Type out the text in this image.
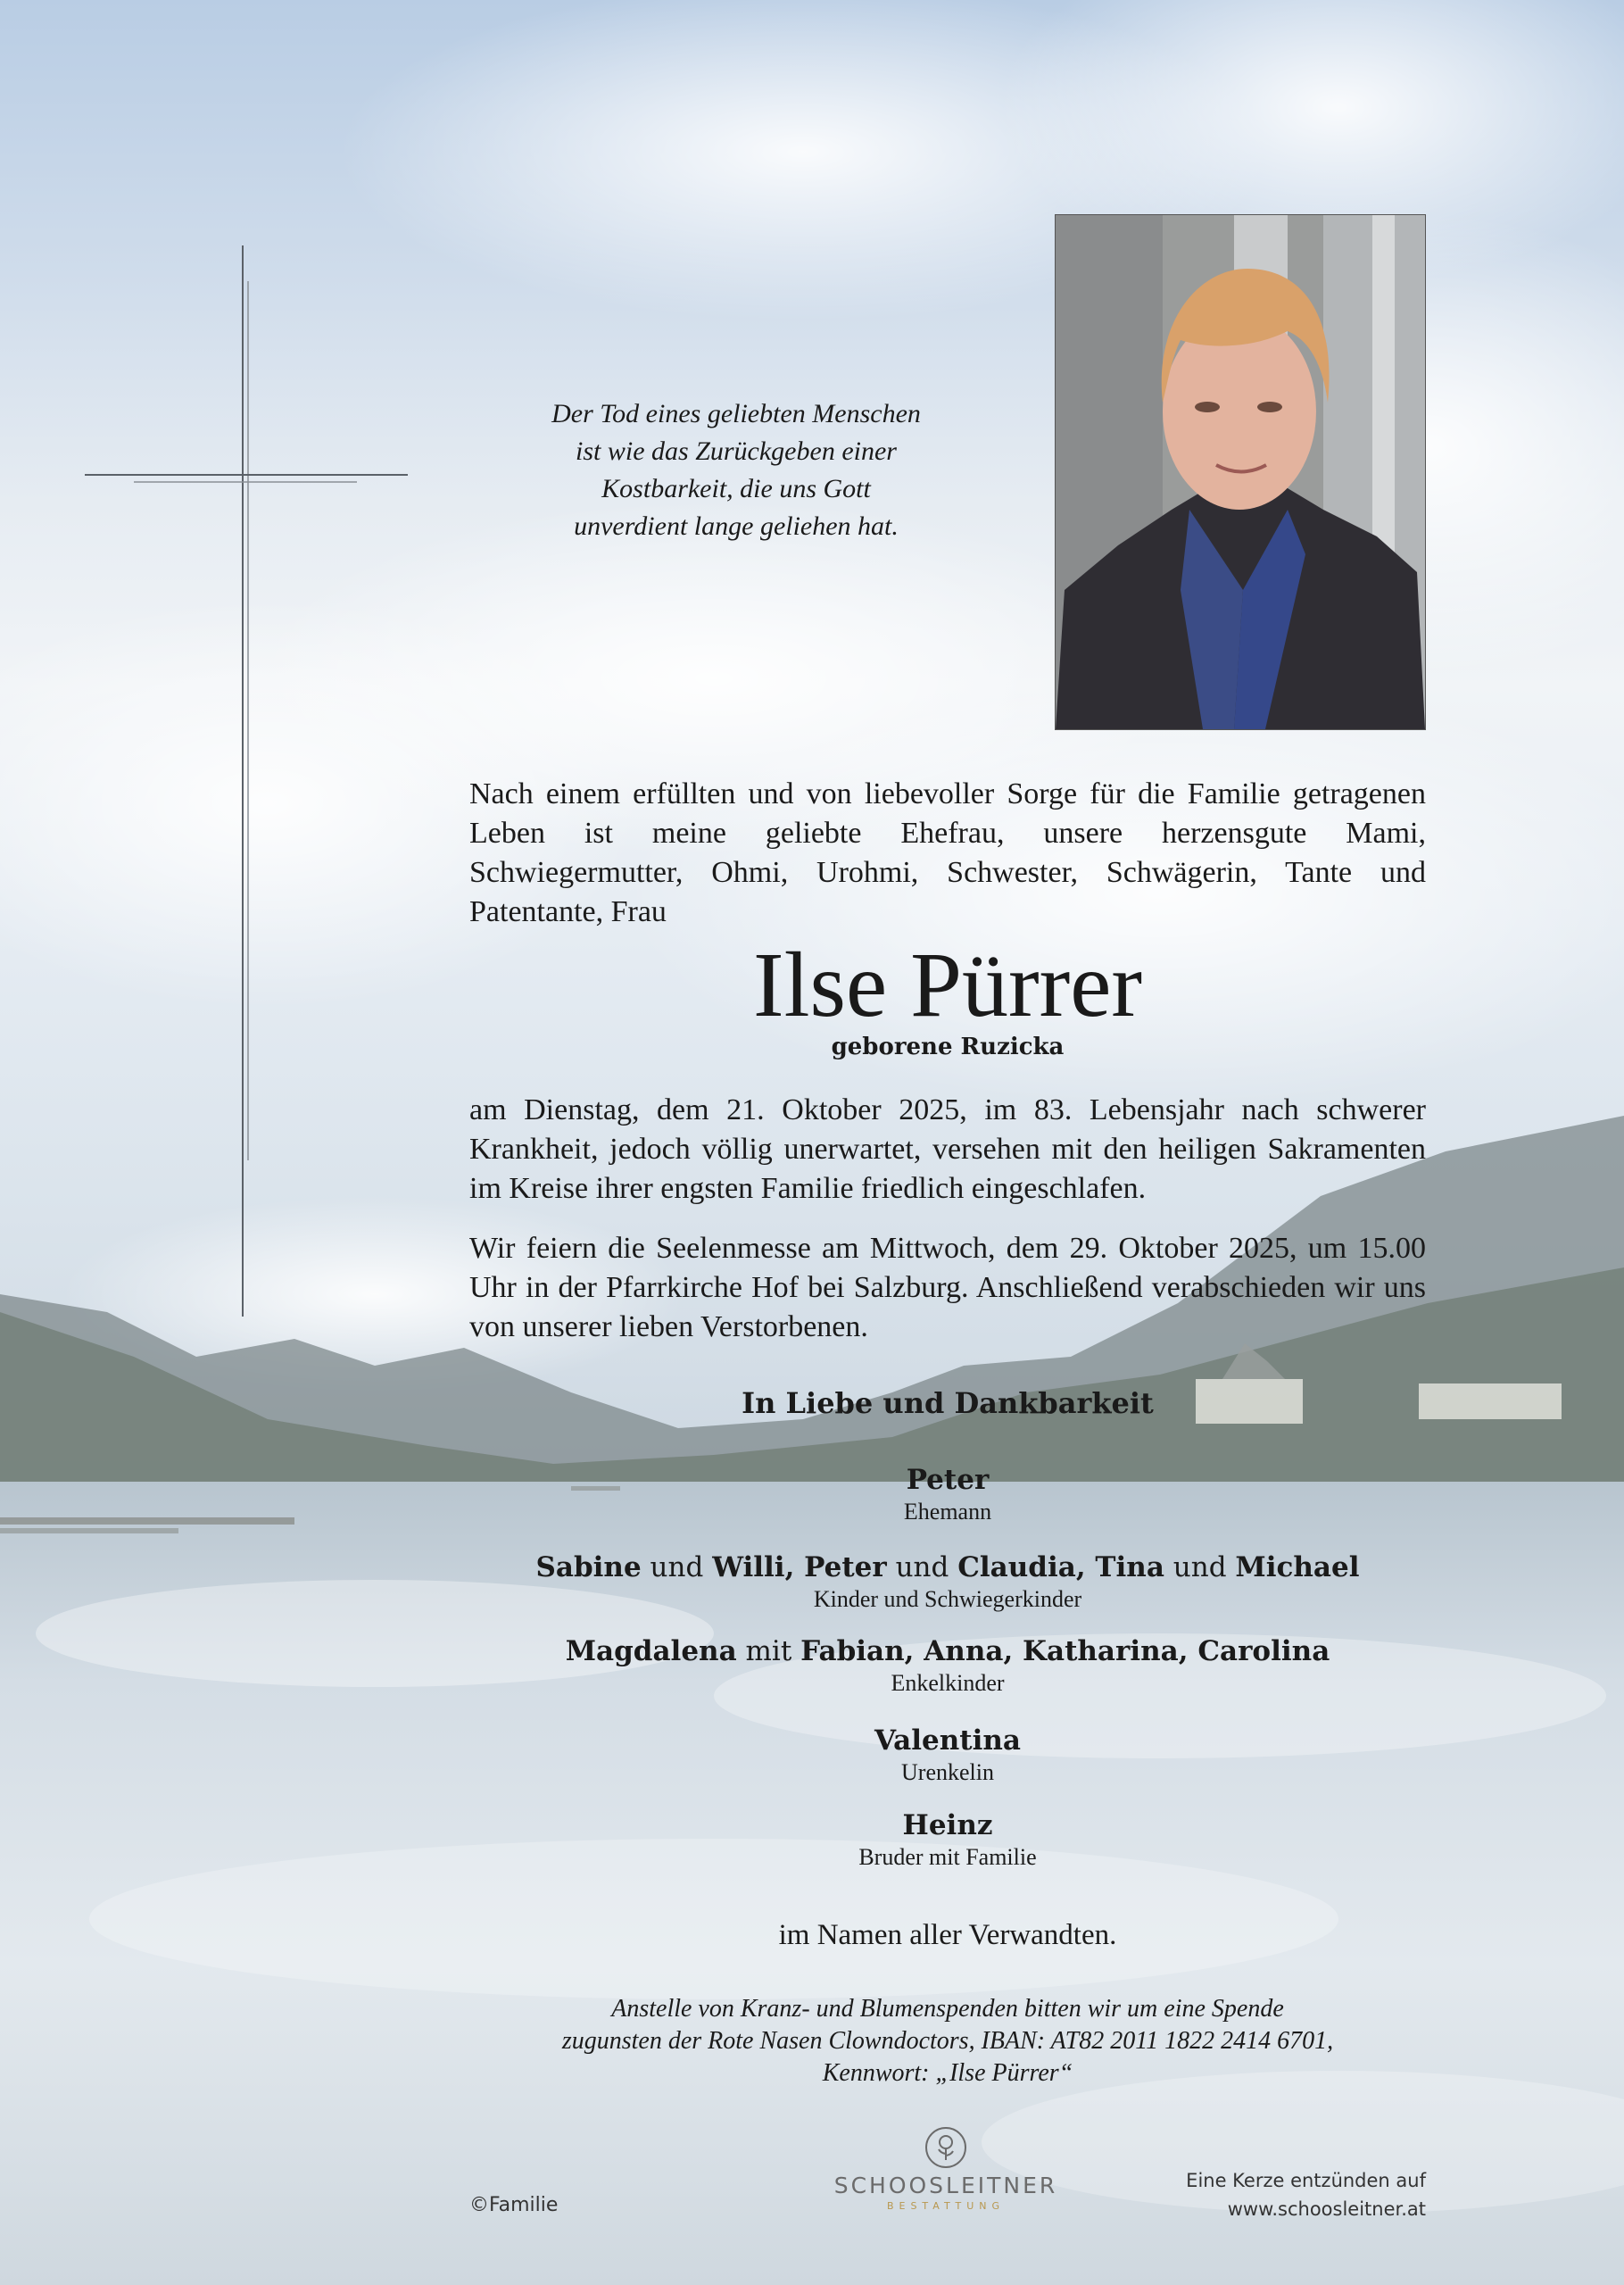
Der Tod eines geliebten Menschen
ist wie das Zurückgeben einer
Kostbarkeit, die uns Gott
unverdient lange geliehen hat.
Nach einem erfüllten und von liebevoller Sorge für die Familie getragenen Leben ist meine geliebte Ehefrau, unsere herzensgute Mami, Schwiegermutter, Ohmi, Urohmi, Schwester, Schwägerin, Tante und Patentante, Frau
Ilse Pürrer
geborene Ruzicka
am Dienstag, dem 21. Oktober 2025, im 83. Lebensjahr nach schwerer Krankheit, jedoch völlig unerwartet, versehen mit den heiligen Sakramenten im Kreise ihrer engsten Familie friedlich eingeschlafen.
Wir feiern die Seelenmesse am Mittwoch, dem 29. Oktober 2025, um 15.00 Uhr in der Pfarrkirche Hof bei Salzburg. Anschließend verabschieden wir uns von unserer lieben Verstorbenen.
In Liebe und Dankbarkeit
Peter
Ehemann
Sabine und Willi, Peter und Claudia, Tina und Michael
Kinder und Schwiegerkinder
Magdalena mit Fabian, Anna, Katharina, Carolina
Enkelkinder
Valentina
Urenkelin
Heinz
Bruder mit Familie
im Namen aller Verwandten.
Anstelle von Kranz- und Blumenspenden bitten wir um eine Spende
zugunsten der Rote Nasen Clowndoctors, IBAN: AT82 2011 1822 2414 6701,
Kennwort: „Ilse Pürrer“
©Familie
SCHOOSLEITNER
BESTATTUNG
Eine Kerze entzünden auf
www.schoosleitner.at
